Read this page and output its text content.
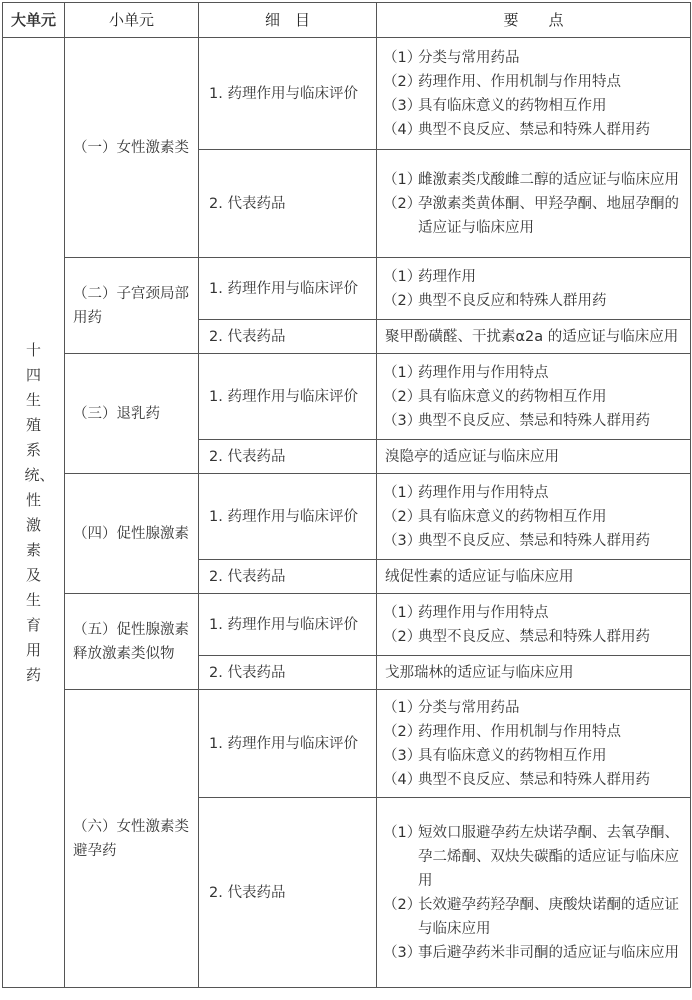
大单元	小单元	细　目	要　　点
十四生殖系统、性激素及生育用药	（一）女性激素类	1. 药理作用与临床评价	（1）分类与常用药品
（2）药理作用、作用机制与作用特点
（3）具有临床意义的药物相互作用
（4）典型不良反应、禁忌和特殊人群用药

		2. 代表药品	（1）雌激素类戊酸雌二醇的适应证与临床应用
（2）孕激素类黄体酮、甲羟孕酮、地屈孕酮的适应证与临床应用

	（二）子宫颈局部用药	1. 药理作用与临床评价	（1）药理作用
（2）典型不良反应和特殊人群用药

		2. 代表药品	聚甲酚磺醛、干扰素α2a 的适应证与临床应用

	（三）退乳药	1. 药理作用与临床评价	（1）药理作用与作用特点
（2）具有临床意义的药物相互作用
（3）典型不良反应、禁忌和特殊人群用药

		2. 代表药品	溴隐亭的适应证与临床应用

	（四）促性腺激素	1. 药理作用与临床评价	（1）药理作用与作用特点
（2）具有临床意义的药物相互作用
（3）典型不良反应、禁忌和特殊人群用药

		2. 代表药品	绒促性素的适应证与临床应用

	（五）促性腺激素释放激素类似物	1. 药理作用与临床评价	（1）药理作用与作用特点
（2）典型不良反应、禁忌和特殊人群用药

		2. 代表药品	戈那瑞林的适应证与临床应用

	（六）女性激素类避孕药	1. 药理作用与临床评价	（1）分类与常用药品
（2）药理作用、作用机制与作用特点
（3）具有临床意义的药物相互作用
（4）典型不良反应、禁忌和特殊人群用药

		2. 代表药品	（1）短效口服避孕药左炔诺孕酮、去氧孕酮、孕二烯酮、双炔失碳酯的适应证与临床应用
（2）长效避孕药羟孕酮、庚酸炔诺酮的适应证与临床应用
（3）事后避孕药米非司酮的适应证与临床应用
